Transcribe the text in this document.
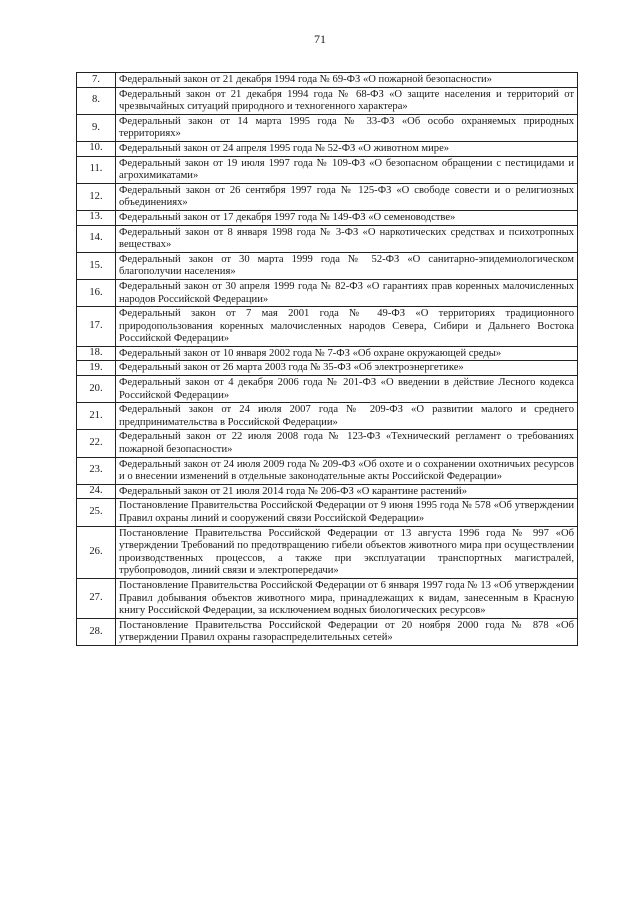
71
7.	Федеральный закон от 21 декабря 1994 года № 69-ФЗ «О пожарной безопасности»
8.	Федеральный закон от 21 декабря 1994 года № 68-ФЗ «О защите населения и территорий от чрезвычайных ситуаций природного и техногенного характера»
9.	Федеральный закон от 14 марта 1995 года № 33-ФЗ «Об особо охраняемых природных территориях»
10.	Федеральный закон от 24 апреля 1995 года № 52-ФЗ «О животном мире»
11.	Федеральный закон от 19 июля 1997 года № 109-ФЗ «О безопасном обращении с пестицидами и агрохимикатами»
12.	Федеральный закон от 26 сентября 1997 года № 125-ФЗ «О свободе совести и о религиозных объединениях»
13.	Федеральный закон от 17 декабря 1997 года № 149-ФЗ «О семеноводстве»
14.	Федеральный закон от 8 января 1998 года № 3-ФЗ «О наркотических средствах и психотропных веществах»
15.	Федеральный закон от 30 марта 1999 года № 52-ФЗ «О санитарно-эпидемиологическом благополучии населения»
16.	Федеральный закон от 30 апреля 1999 года № 82-ФЗ «О гарантиях прав коренных малочисленных народов Российской Федерации»
17.	Федеральный закон от 7 мая 2001 года № 49-ФЗ «О территориях традиционного природопользования коренных малочисленных народов Севера, Сибири и Дальнего Востока Российской Федерации»
18.	Федеральный закон от 10 января 2002 года № 7-ФЗ «Об охране окружающей среды»
19.	Федеральный закон от 26 марта 2003 года № 35-ФЗ «Об электроэнергетике»
20.	Федеральный закон от 4 декабря 2006 года № 201-ФЗ «О введении в действие Лесного кодекса Российской Федерации»
21.	Федеральный закон от 24 июля 2007 года № 209-ФЗ «О развитии малого и среднего предпринимательства в Российской Федерации»
22.	Федеральный закон от 22 июля 2008 года № 123-ФЗ «Технический регламент о требованиях пожарной безопасности»
23.	Федеральный закон от 24 июля 2009 года № 209-ФЗ «Об охоте и о сохранении охотничьих ресурсов и о внесении изменений в отдельные законодательные акты Российской Федерации»
24.	Федеральный закон от 21 июля 2014 года № 206-ФЗ «О карантине растений»
25.	Постановление Правительства Российской Федерации от 9 июня 1995 года № 578 «Об утверждении Правил охраны линий и сооружений связи Российской Федерации»
26.	Постановление Правительства Российской Федерации от 13 августа 1996 года № 997 «Об утверждении Требований по предотвращению гибели объектов животного мира при осуществлении производственных процессов, а также при эксплуатации транспортных магистралей, трубопроводов, линий связи и электропередачи»
27.	Постановление Правительства Российской Федерации от 6 января 1997 года № 13 «Об утверждении Правил добывания объектов животного мира, принадлежащих к видам, занесенным в Красную книгу Российской Федерации, за исключением водных биологических ресурсов»
28.	Постановление Правительства Российской Федерации от 20 ноября 2000 года № 878 «Об утверждении Правил охраны газораспределительных сетей»
